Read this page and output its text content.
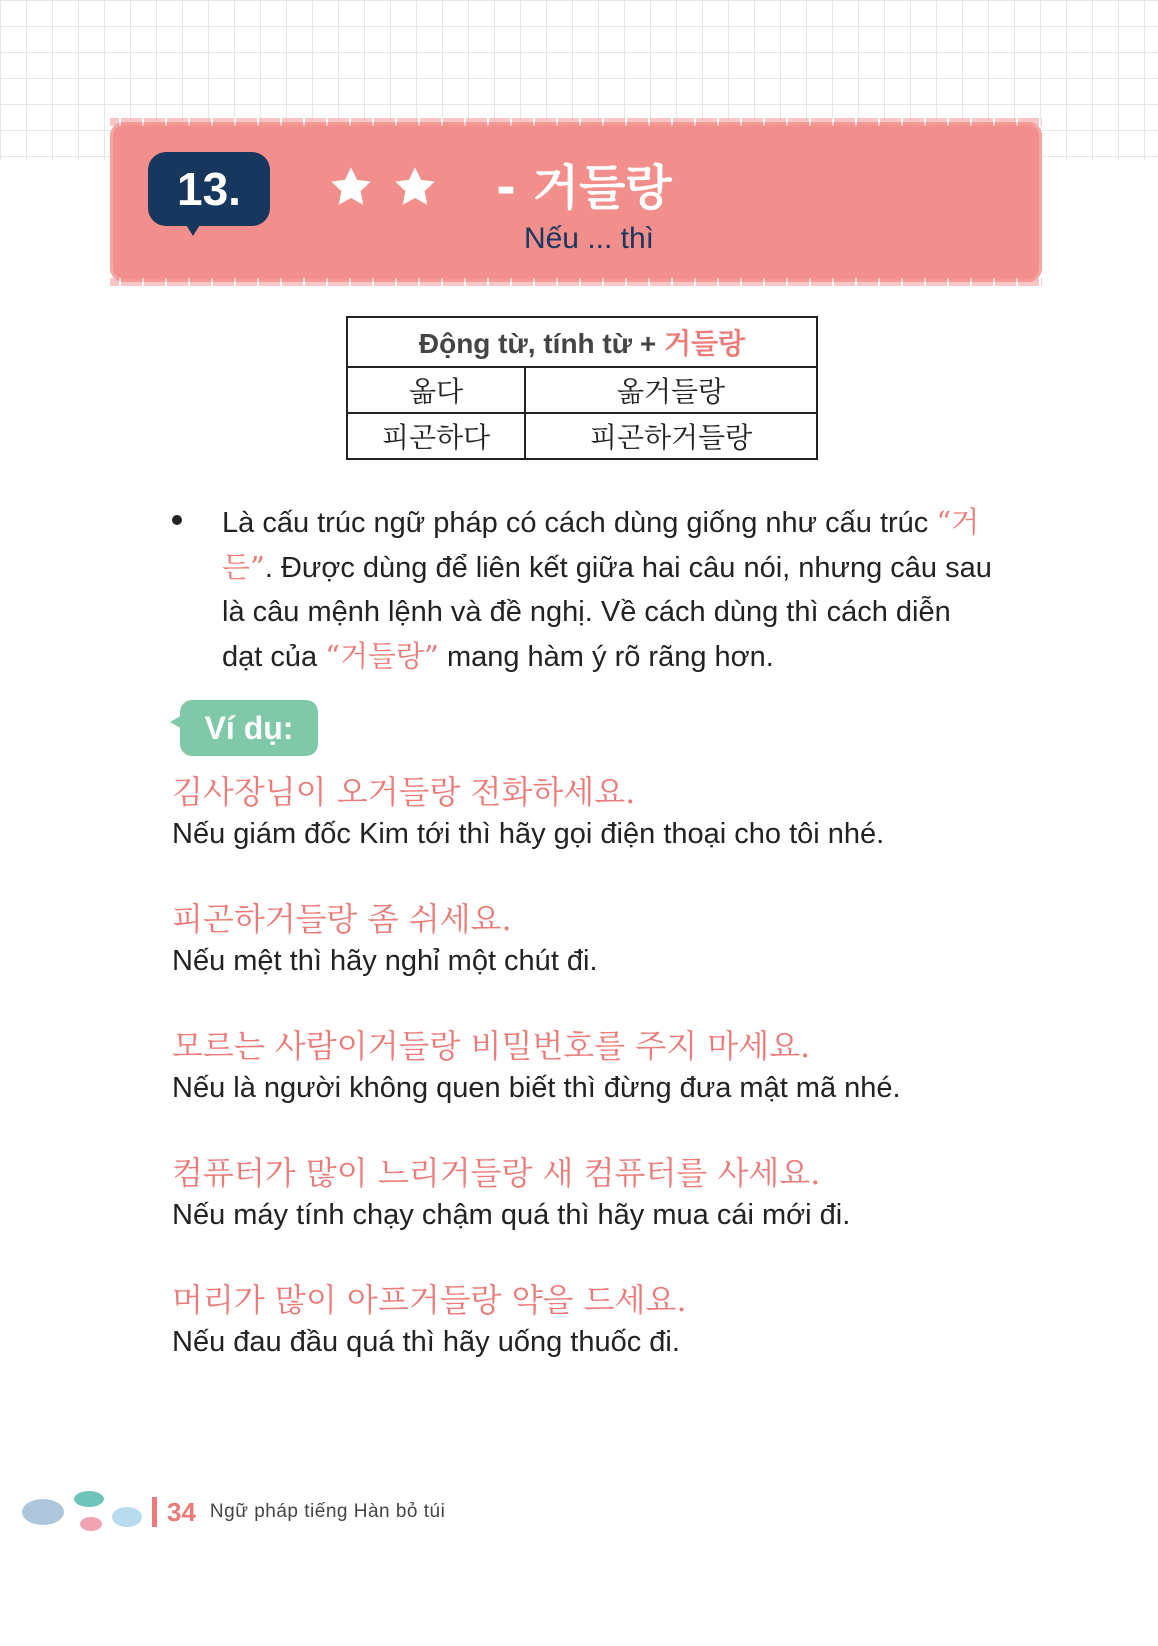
13.	- 거들랑
Nếu ... thì
Động từ, tính từ + 거들랑	
옮다	옮거들랑
피곤하다	피곤하거들랑
Là cấu trúc ngữ pháp có cách dùng giống như cấu trúc “거든”. Được dùng để liên kết giữa hai câu nói, nhưng câu sau là câu mệnh lệnh và đề nghị. Về cách dùng thì cách diễn dạt của “거들랑” mang hàm ý rõ rãng hơn.
Ví dụ:
김사장님이 오거들랑 전화하세요.
Nếu giám đốc Kim tới thì hãy gọi điện thoại cho tôi nhé.
피곤하거들랑 좀 쉬세요.
Nếu mệt thì hãy nghỉ một chút đi.
모르는 사람이거들랑 비밀번호를 주지 마세요.
Nếu là người không quen biết thì đừng đưa mật mã nhé.
컴퓨터가 많이 느리거들랑 새 컴퓨터를 사세요.
Nếu máy tính chạy chậm quá thì hãy mua cái mới đi.
머리가 많이 아프거들랑 약을 드세요.
Nếu đau đầu quá thì hãy uống thuốc đi.
34 Ngữ pháp tiếng Hàn bỏ túi
